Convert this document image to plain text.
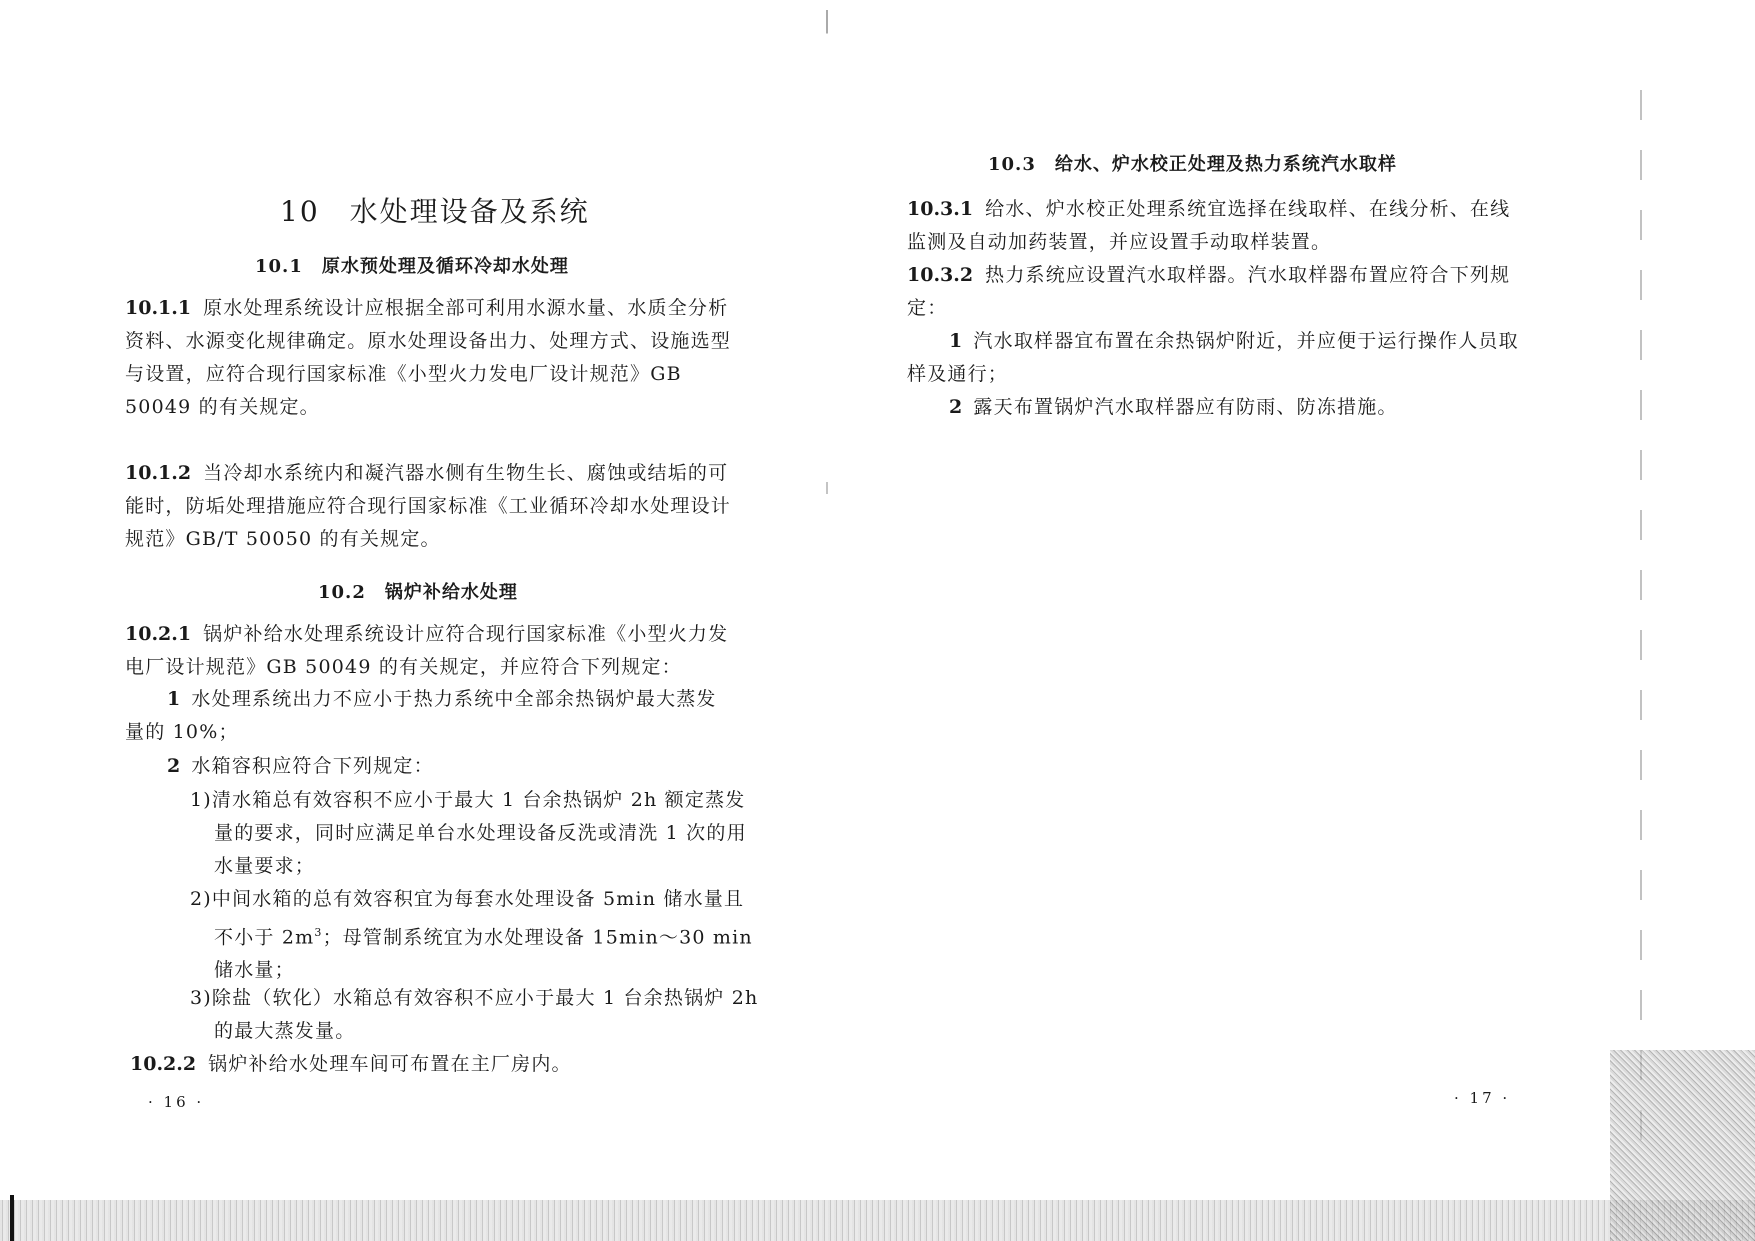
10　水处理设备及系统
10.1　原水预处理及循环冷却水处理

10.1.1 原水处理系统设计应根据全部可利用水源水量、水质全分析资料、水源变化规律确定。原水处理设备出力、处理方式、设施选型与设置，应符合现行国家标准《小型火力发电厂设计规范》GB 50049 的有关规定。

10.1.2 当冷却水系统内和凝汽器水侧有生物生长、腐蚀或结垢的可能时，防垢处理措施应符合现行国家标准《工业循环冷却水处理设计规范》GB/T 50050 的有关规定。

10.2　锅炉补给水处理

10.2.1 锅炉补给水处理系统设计应符合现行国家标准《小型火力发电厂设计规范》GB 50049 的有关规定，并应符合下列规定：

1 水处理系统出力不应小于热力系统中全部余热锅炉最大蒸发量的 10%；

2 水箱容积应符合下列规定：

1)清水箱总有效容积不应小于最大 1 台余热锅炉 2h 额定蒸发量的要求，同时应满足单台水处理设备反洗或清洗 1 次的用水量要求；

2)中间水箱的总有效容积宜为每套水处理设备 5min 储水量且不小于 $2m^3$；母管制系统宜为水处理设备 15min～30 min 储水量；

3)除盐（软化）水箱总有效容积不应小于最大 1 台余热锅炉 2h 的最大蒸发量。

10.2.2 锅炉补给水处理车间可布置在主厂房内。

· 16 ·
10.3　给水、炉水校正处理及热力系统汽水取样

10.3.1 给水、炉水校正处理系统宜选择在线取样、在线分析、在线监测及自动加药装置，并应设置手动取样装置。

10.3.2 热力系统应设置汽水取样器。汽水取样器布置应符合下列规定：

1 汽水取样器宜布置在余热锅炉附近，并应便于运行操作人员取样及通行；

2 露天布置锅炉汽水取样器应有防雨、防冻措施。

· 17 ·
